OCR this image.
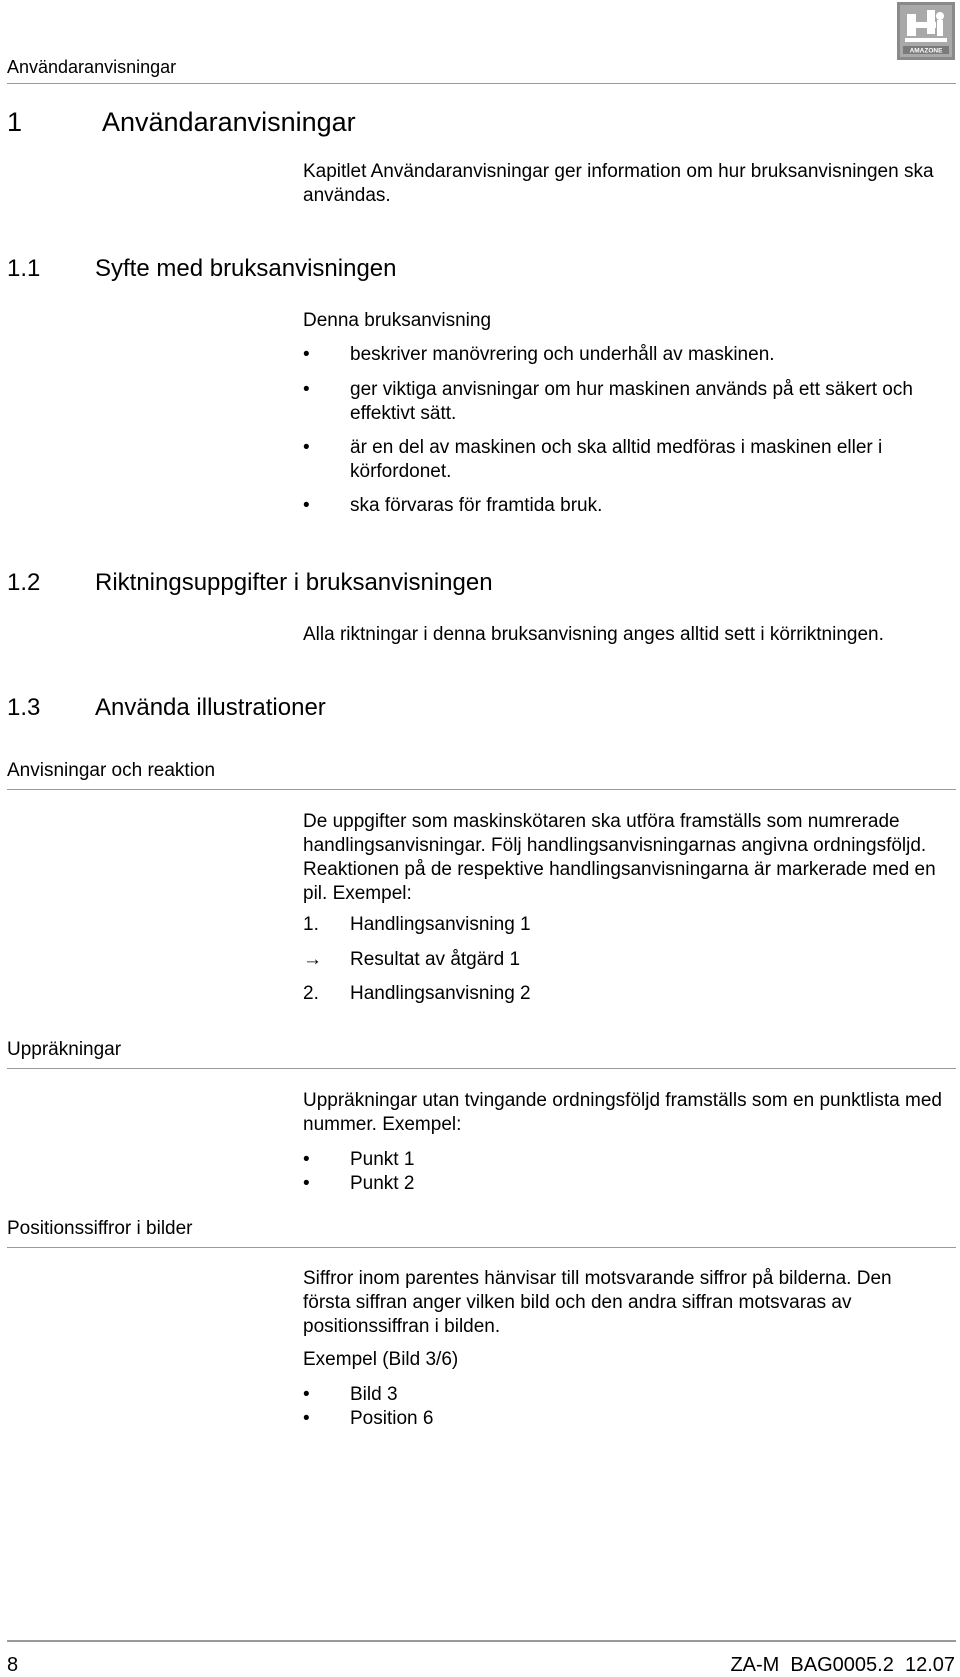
Användaranvisningar
AMAZONE
1	Användaranvisningar
Kapitlet Användaranvisningar ger information om hur bruksanvisningen ska användas.
1.1 Syfte med bruksanvisningen
Denna bruksanvisning
• beskriver manövrering och underhåll av maskinen.
• ger viktiga anvisningar om hur maskinen används på ett säkert och effektivt sätt.
• är en del av maskinen och ska alltid medföras i maskinen eller i körfordonet.
• ska förvaras för framtida bruk.
1.2 Riktningsuppgifter i bruksanvisningen
Alla riktningar i denna bruksanvisning anges alltid sett i körriktningen.
1.3 Använda illustrationer
Anvisningar och reaktion
De uppgifter som maskinskötaren ska utföra framställs som numrerade handlingsanvisningar. Följ handlingsanvisningarnas angivna ordningsföljd. Reaktionen på de respektive handlingsanvisningarna är markerade med en pil. Exempel:
1. Handlingsanvisning 1
→ Resultat av åtgärd 1
2. Handlingsanvisning 2
Uppräkningar
Uppräkningar utan tvingande ordningsföljd framställs som en punktlista med nummer. Exempel:
• Punkt 1
• Punkt 2
Positionssiffror i bilder
Siffror inom parentes hänvisar till motsvarande siffror på bilderna. Den första siffran anger vilken bild och den andra siffran motsvaras av positionssiffran i bilden.
Exempel (Bild 3/6)
• Bild 3
• Position 6
8	ZA-M  BAG0005.2  12.07
